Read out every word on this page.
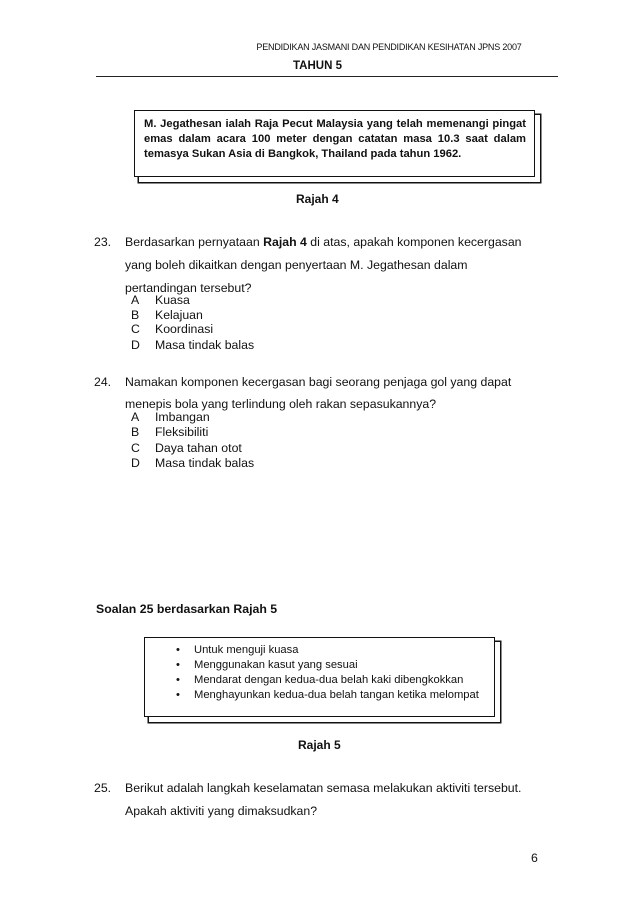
PENDIDIKAN JASMANI DAN PENDIDIKAN KESIHATAN JPNS 2007
TAHUN 5

M. Jegathesan ialah Raja Pecut Malaysia yang telah memenangi pingat emas dalam acara 100 meter dengan catatan masa 10.3 saat dalam temasya Sukan Asia di Bangkok, Thailand pada tahun 1962.

Rajah 4
23. Berdasarkan pernyataan Rajah 4 di atas, apakah komponen kecergasan
yang boleh dikaitkan dengan penyertaan M. Jegathesan dalam
pertandingan tersebut?
A Kuasa
B Kelajuan
C Koordinasi
D Masa tindak balas
24. Namakan komponen kecergasan bagi seorang penjaga gol yang dapat
menepis bola yang terlindung oleh rakan sepasukannya?
A Imbangan
B Fleksibiliti
C Daya tahan otot
D Masa tindak balas
Soalan 25 berdasarkan Rajah 5
• Untuk menguji kuasa
• Menggunakan kasut yang sesuai
• Mendarat dengan kedua-dua belah kaki dibengkokkan
• Menghayunkan kedua-dua belah tangan ketika melompat
Rajah 5
25. Berikut adalah langkah keselamatan semasa melakukan aktiviti tersebut.
Apakah aktiviti yang dimaksudkan?
6
